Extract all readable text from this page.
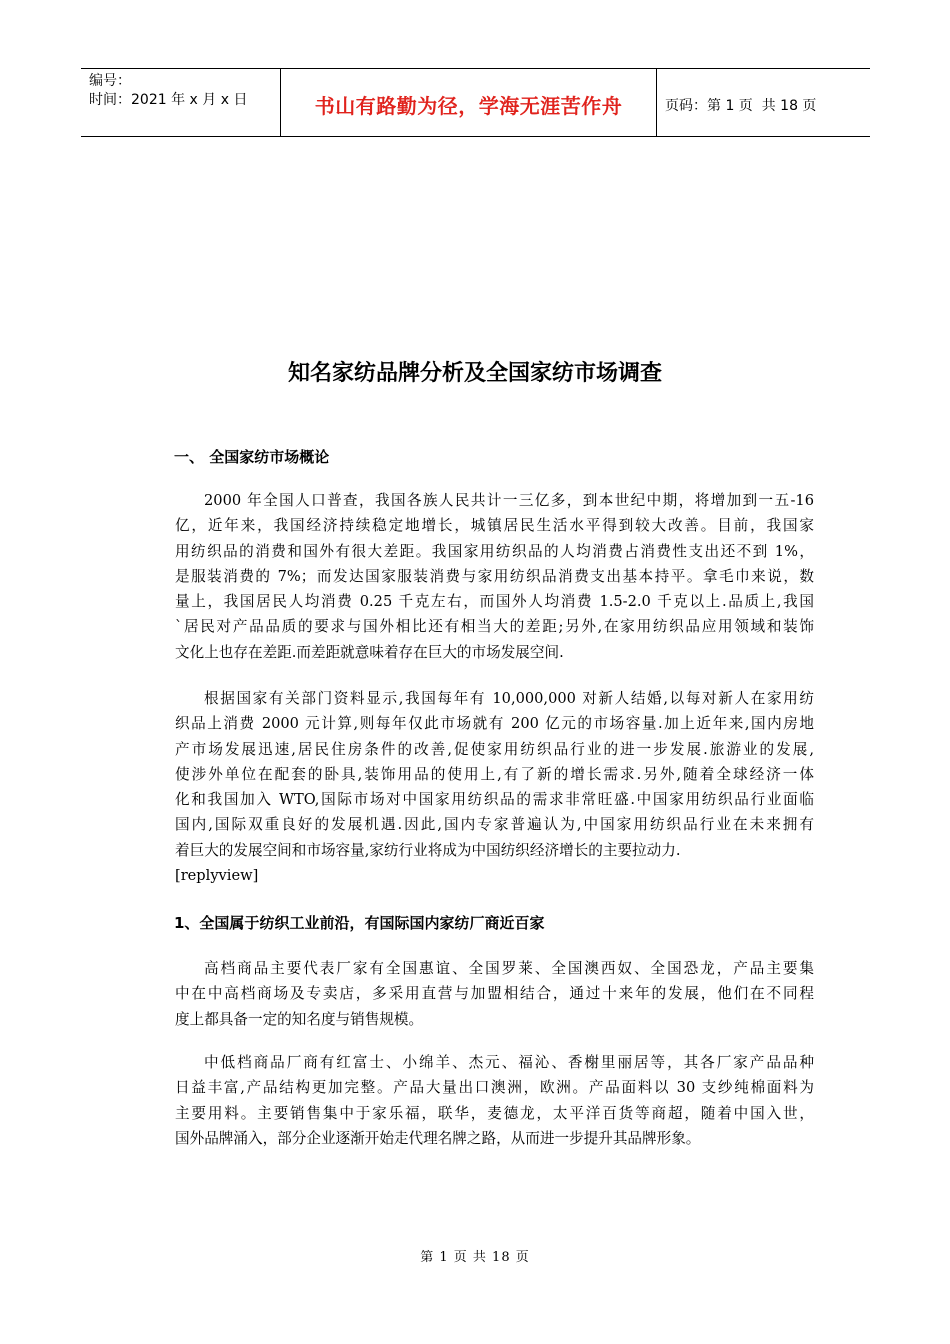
编号：
时间：2021 年 x 月 x 日	书山有路勤为径，学海无涯苦作舟	页码：第 1 页  共 18 页
知名家纺品牌分析及全国家纺市场调查
一、 全国家纺市场概论
2000 年全国人口普查，我国各族人民共计一三亿多，到本世纪中期，将增加到一五-16
亿，近年来，我国经济持续稳定地增长，城镇居民生活水平得到较大改善。目前，我国家
用纺织品的消费和国外有很大差距。我国家用纺织品的人均消费占消费性支出还不到 1%，
是服装消费的 7%；而发达国家服装消费与家用纺织品消费支出基本持平。拿毛巾来说，数
量上，我国居民人均消费 0.25 千克左右，而国外人均消费 1.5-2.0 千克以上.品质上,我国
`居民对产品品质的要求与国外相比还有相当大的差距;另外,在家用纺织品应用领域和装饰
文化上也存在差距.而差距就意味着存在巨大的市场发展空间.
根据国家有关部门资料显示,我国每年有 10,000,000 对新人结婚,以每对新人在家用纺
织品上消费 2000 元计算,则每年仅此市场就有 200 亿元的市场容量.加上近年来,国内房地
产市场发展迅速,居民住房条件的改善,促使家用纺织品行业的进一步发展.旅游业的发展,
使涉外单位在配套的卧具,装饰用品的使用上,有了新的增长需求.另外,随着全球经济一体
化和我国加入 WTO,国际市场对中国家用纺织品的需求非常旺盛.中国家用纺织品行业面临
国内,国际双重良好的发展机遇.因此,国内专家普遍认为,中国家用纺织品行业在未来拥有
着巨大的发展空间和市场容量,家纺行业将成为中国纺织经济增长的主要拉动力.
[replyview]
1、全国属于纺织工业前沿，有国际国内家纺厂商近百家
高档商品主要代表厂家有全国惠谊、全国罗莱、全国澳西奴、全国恐龙，产品主要集
中在中高档商场及专卖店，多采用直营与加盟相结合，通过十来年的发展，他们在不同程
度上都具备一定的知名度与销售规模。
中低档商品厂商有红富士、小绵羊、杰元、福沁、香榭里丽居等，其各厂家产品品种
日益丰富,产品结构更加完整。产品大量出口澳洲，欧洲。产品面料以 30 支纱纯棉面料为
主要用料。主要销售集中于家乐福，联华，麦德龙，太平洋百货等商超，随着中国入世，
国外品牌涌入，部分企业逐渐开始走代理名牌之路，从而进一步提升其品牌形象。
第 1 页 共 18 页
